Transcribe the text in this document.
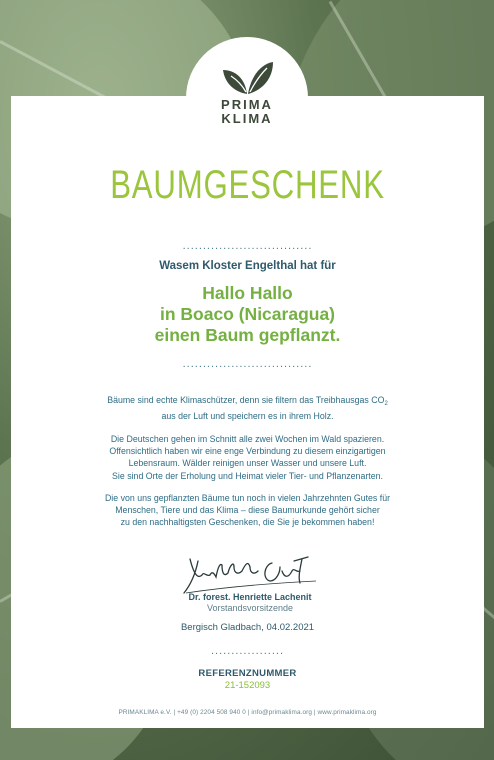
PRIMA
KLIMA
BAUMGESCHENK
................................
Wasem Kloster Engelthal hat für
Hallo Hallo
in Boaco (Nicaragua)
einen Baum gepflanzt.
................................
Bäume sind echte Klimaschützer, denn sie filtern das Treibhausgas $CO_2$
aus der Luft und speichern es in ihrem Holz.
Die Deutschen gehen im Schnitt alle zwei Wochen im Wald spazieren.
Offensichtlich haben wir eine enge Verbindung zu diesem einzigartigen
Lebensraum. Wälder reinigen unser Wasser und unsere Luft.
Sie sind Orte der Erholung und Heimat vieler Tier- und Pflanzenarten.
Die von uns gepflanzten Bäume tun noch in vielen Jahrzehnten Gutes für
Menschen, Tiere und das Klima – diese Baumurkunde gehört sicher
zu den nachhaltigsten Geschenken, die Sie je bekommen haben!
Dr. forest. Henriette Lachenit
Vorstandsvorsitzende
Bergisch Gladbach, 04.02.2021
..................
REFERENZNUMMER
21-152093
PRIMAKLIMA e.V. | +49 (0) 2204 508 940 0 | info@primaklima.org | www.primaklima.org
